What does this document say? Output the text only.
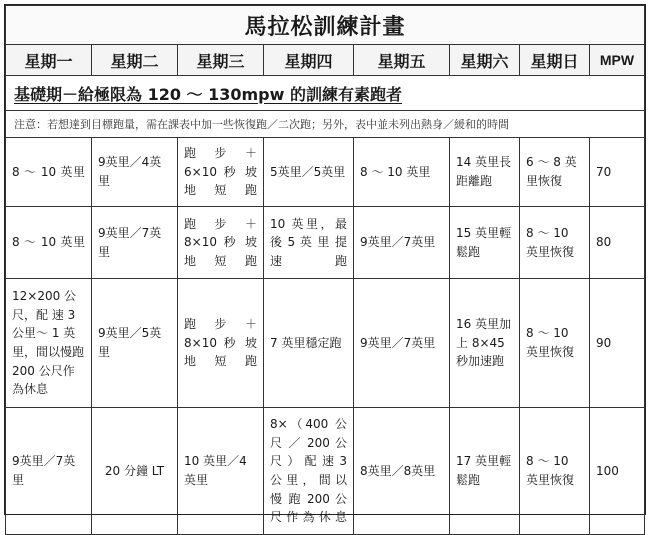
馬拉松訓練計畫							
星期一	星期二	星期三	星期四	星期五	星期六	星期日	MPW
基礎期－給極限為 120 ～ 130mpw 的訓練有素跑者							
注意：若想達到目標跑量，需在課表中加一些恢復跑／二次跑；另外，表中並未列出熱身／緩和的時間							
8 ～ 10 英里	9英里／4英里	跑 步 ＋ 6×10 秒 坡 地短跑	5英里／5英里	8 ～ 10 英里	14 英里長距離跑	6 ～ 8 英里恢復	70
8 ～ 10 英里	9英里／7英里	跑 步 ＋ 8×10 秒 坡 地短跑	10 英里，最後 5 英 里 提速跑	9英里／7英里	15 英里輕鬆跑	8 ～ 10 英里恢復	80
12×200 公尺，配 速 3公里～ 1 英里，間以慢跑 200 公尺作為休息	9英里／5英里	跑 步 ＋ 8×10 秒 坡 地短跑	7 英里穩定跑	9英里／7英里	16 英里加上 8×45 秒加速跑	8 ～ 10 英里恢復	90
9英里／7英里	20 分鐘 LT	10 英里／4英里	8×（400 公 尺 ／ 200 公 尺 ） 配 速 3公 里 ， 間 以 慢 跑 200 公 尺作為休息	8英里／8英里	17 英里輕鬆跑	8 ～ 10 英里恢復	100
